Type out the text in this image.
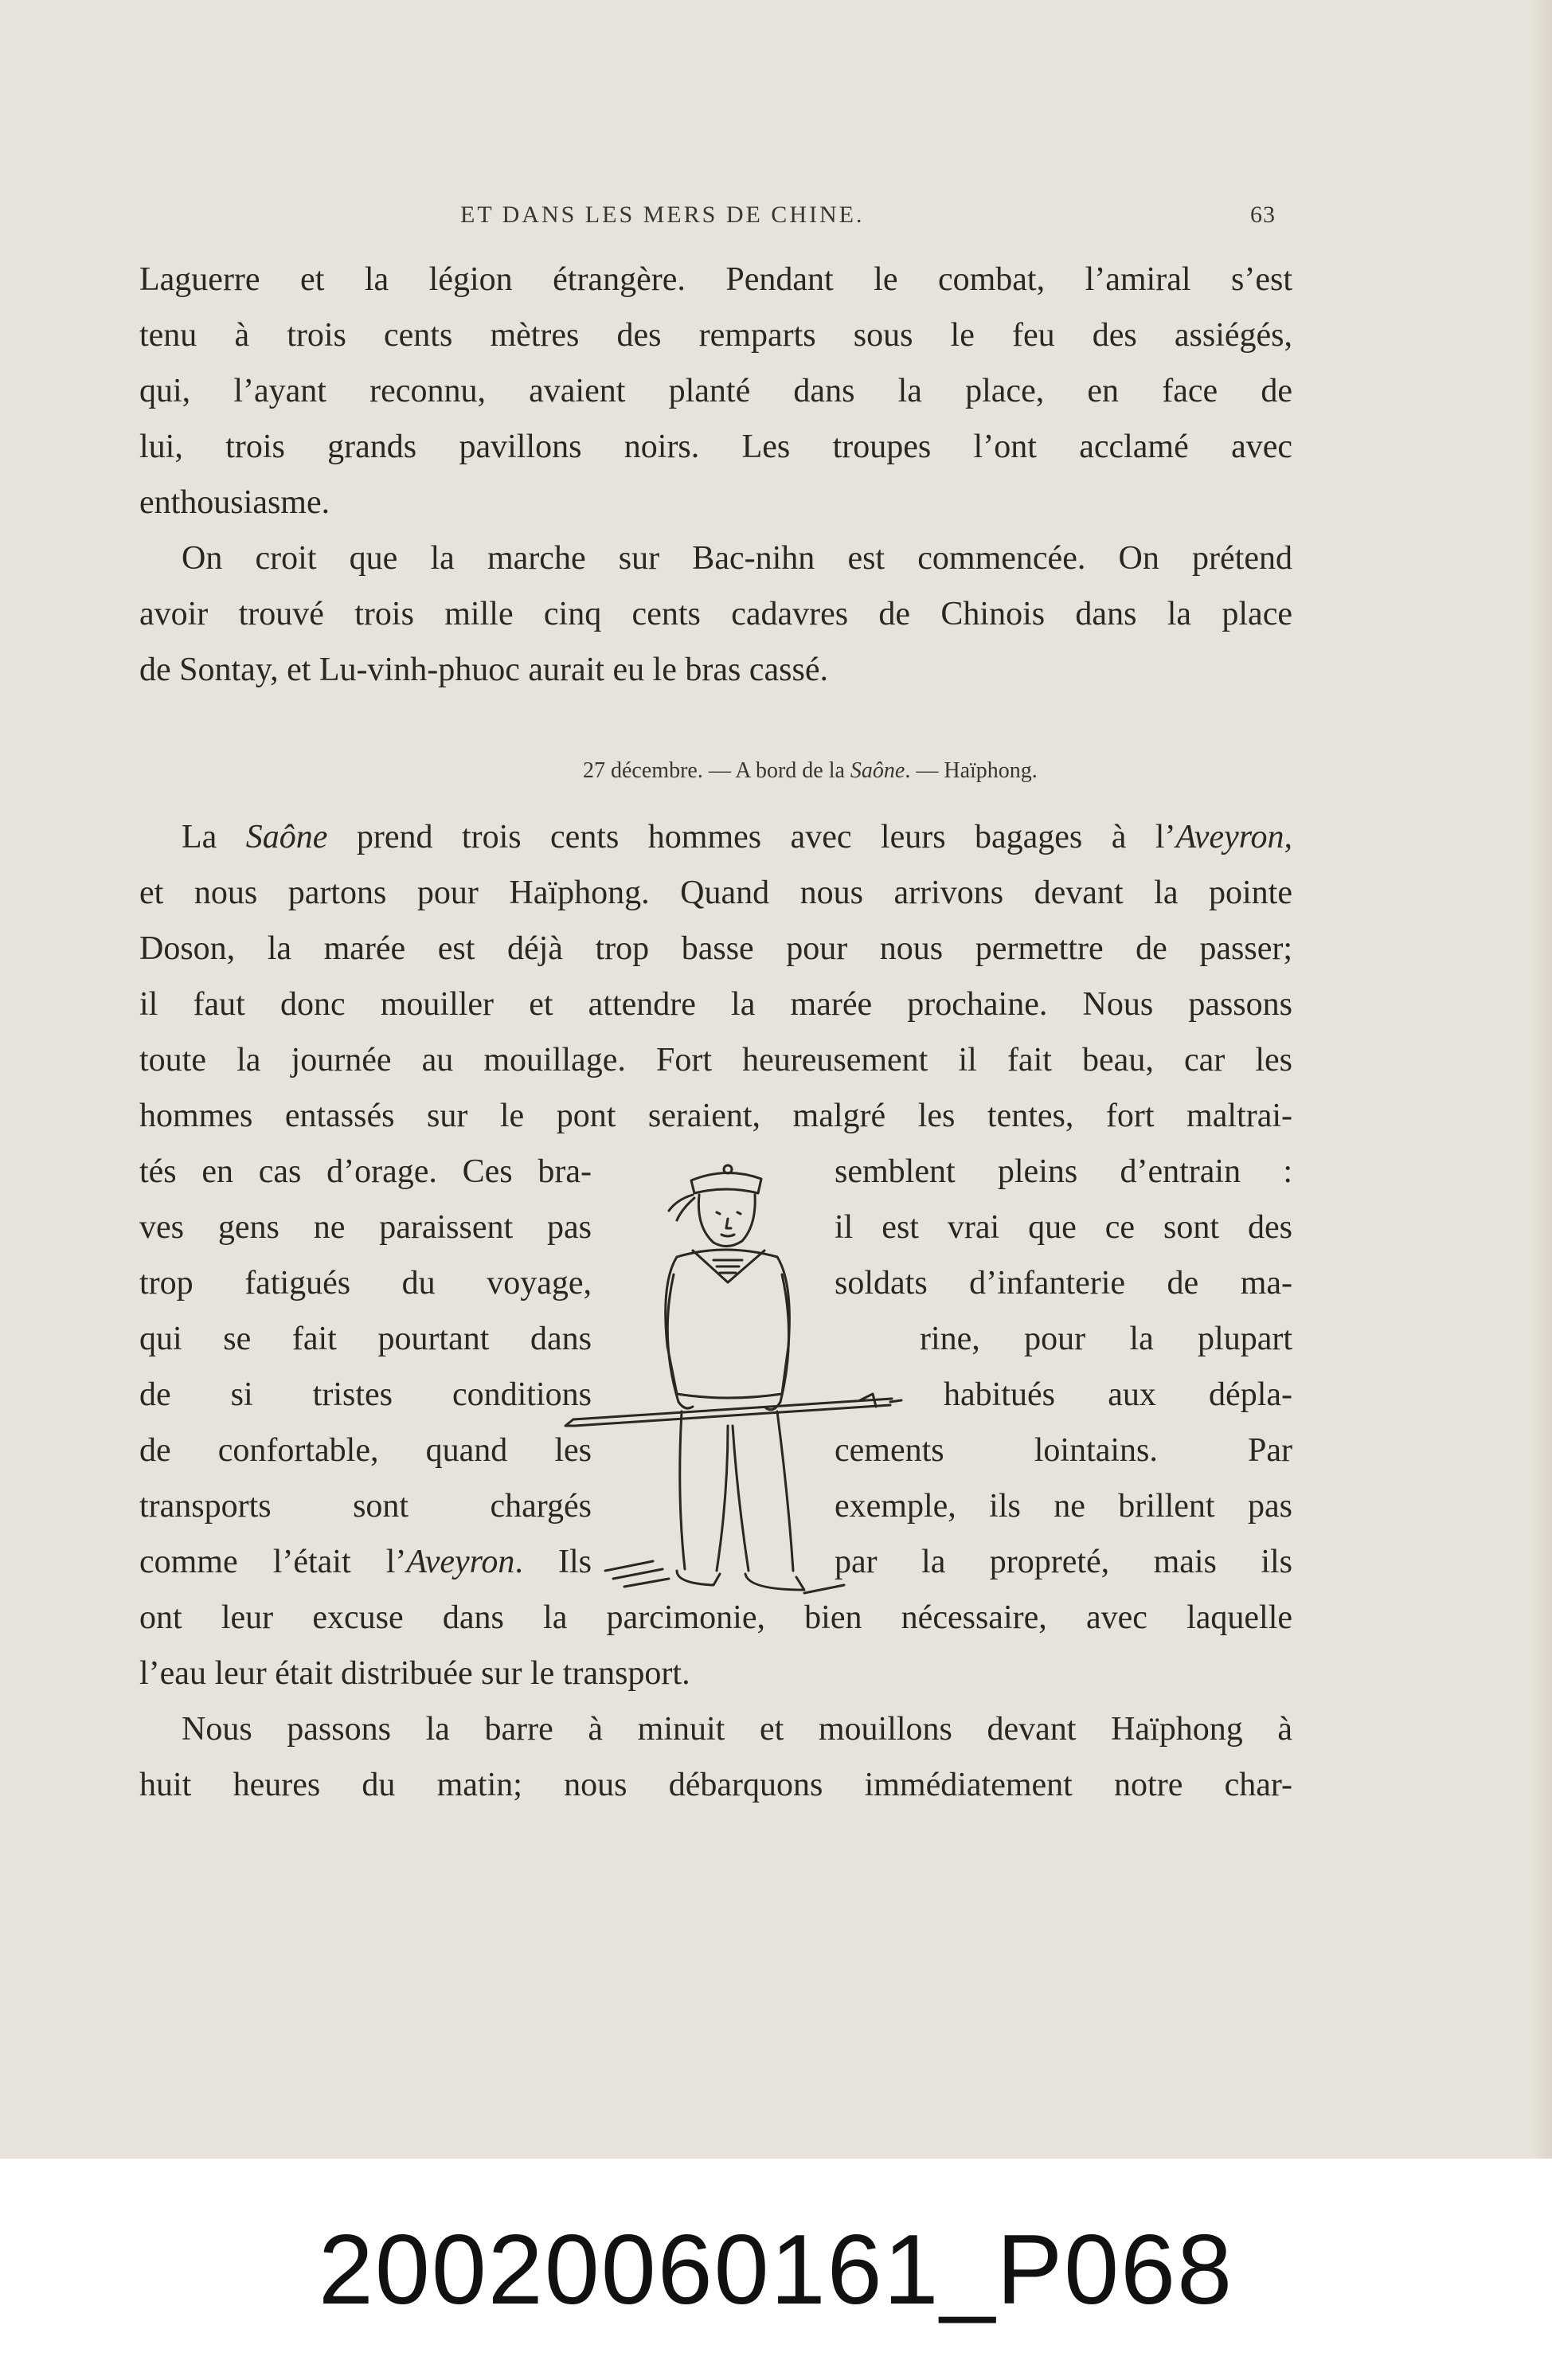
ET DANS LES MERS DE CHINE.	63

Laguerre et la légion étrangère. Pendant le combat, l’amiral s’est

tenu à trois cents mètres des remparts sous le feu des assiégés,

qui, l’ayant reconnu, avaient planté dans la place, en face de

lui, trois grands pavillons noirs. Les troupes l’ont acclamé avec

enthousiasme.

On croit que la marche sur Bac-nihn est commencée. On prétend

avoir trouvé trois mille cinq cents cadavres de Chinois dans la place

de Sontay, et Lu-vinh-phuoc aurait eu le bras cassé.

27 décembre. — A bord de la Saône. — Haïphong.

La Saône prend trois cents hommes avec leurs bagages à l’Aveyron,

et nous partons pour Haïphong. Quand nous arrivons devant la pointe

Doson, la marée est déjà trop basse pour nous permettre de passer;

il faut donc mouiller et attendre la marée prochaine. Nous passons

toute la journée au mouillage. Fort heureusement il fait beau, car les

hommes entassés sur le pont seraient, malgré les tentes, fort maltrai-

tés en cas d’orage. Ces bra-

ves gens ne paraissent pas

trop fatigués du voyage,

qui se fait pourtant dans

de si tristes conditions

de confortable, quand les

transports sont chargés

comme l’était l’Aveyron. Ils

semblent pleins d’entrain :

il est vrai que ce sont des

soldats d’infanterie de ma-

rine, pour la plupart

habitués aux dépla-

cements lointains. Par

exemple, ils ne brillent pas

par la propreté, mais ils

ont leur excuse dans la parcimonie, bien nécessaire, avec laquelle

l’eau leur était distribuée sur le transport.

Nous passons la barre à minuit et mouillons devant Haïphong à

huit heures du matin; nous débarquons immédiatement notre char-

20020060161_P068
